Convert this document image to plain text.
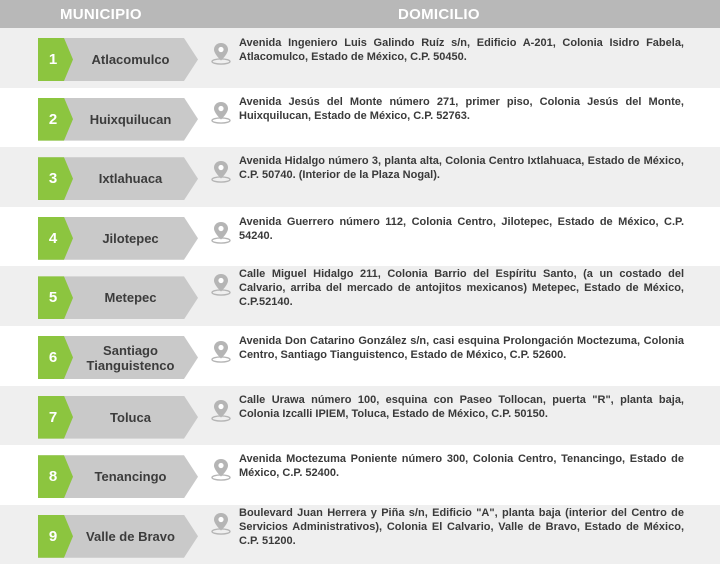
MUNICIPIO	DOMICILIO
1	Atlacomulco
Avenida Ingeniero Luis Galindo Ruíz s/n, Edificio A-201, Colonia Isidro Fabela, Atlacomulco, Estado de México, C.P. 50450.
2	Huixquilucan
Avenida Jesús del Monte número 271, primer piso, Colonia Jesús del Monte, Huixquilucan, Estado de México, C.P. 52763.
3	Ixtlahuaca
Avenida Hidalgo número 3, planta alta, Colonia Centro Ixtlahuaca, Estado de México, C.P. 50740. (Interior de la Plaza Nogal).
4	Jilotepec
Avenida Guerrero número 112, Colonia Centro, Jilotepec, Estado de México, C.P. 54240.
5	Metepec
Calle Miguel Hidalgo 211, Colonia Barrio del Espíritu Santo, (a un costado del Calvario, arriba del mercado de antojitos mexicanos) Metepec, Estado de México, C.P.52140.
6	Santiago Tianguistenco
Avenida Don Catarino González s/n, casi esquina Prolongación Moctezuma, Colonia Centro, Santiago Tianguistenco, Estado de México, C.P. 52600.
7	Toluca
Calle Urawa número 100, esquina con Paseo Tollocan, puerta "R", planta baja, Colonia Izcalli IPIEM, Toluca, Estado de México, C.P. 50150.
8	Tenancingo
Avenida Moctezuma Poniente número 300, Colonia Centro, Tenancingo, Estado de México, C.P. 52400.
9	Valle de Bravo
Boulevard Juan Herrera y Piña s/n, Edificio "A", planta baja (interior del Centro de Servicios Administrativos), Colonia El Calvario, Valle de Bravo, Estado de México, C.P. 51200.
